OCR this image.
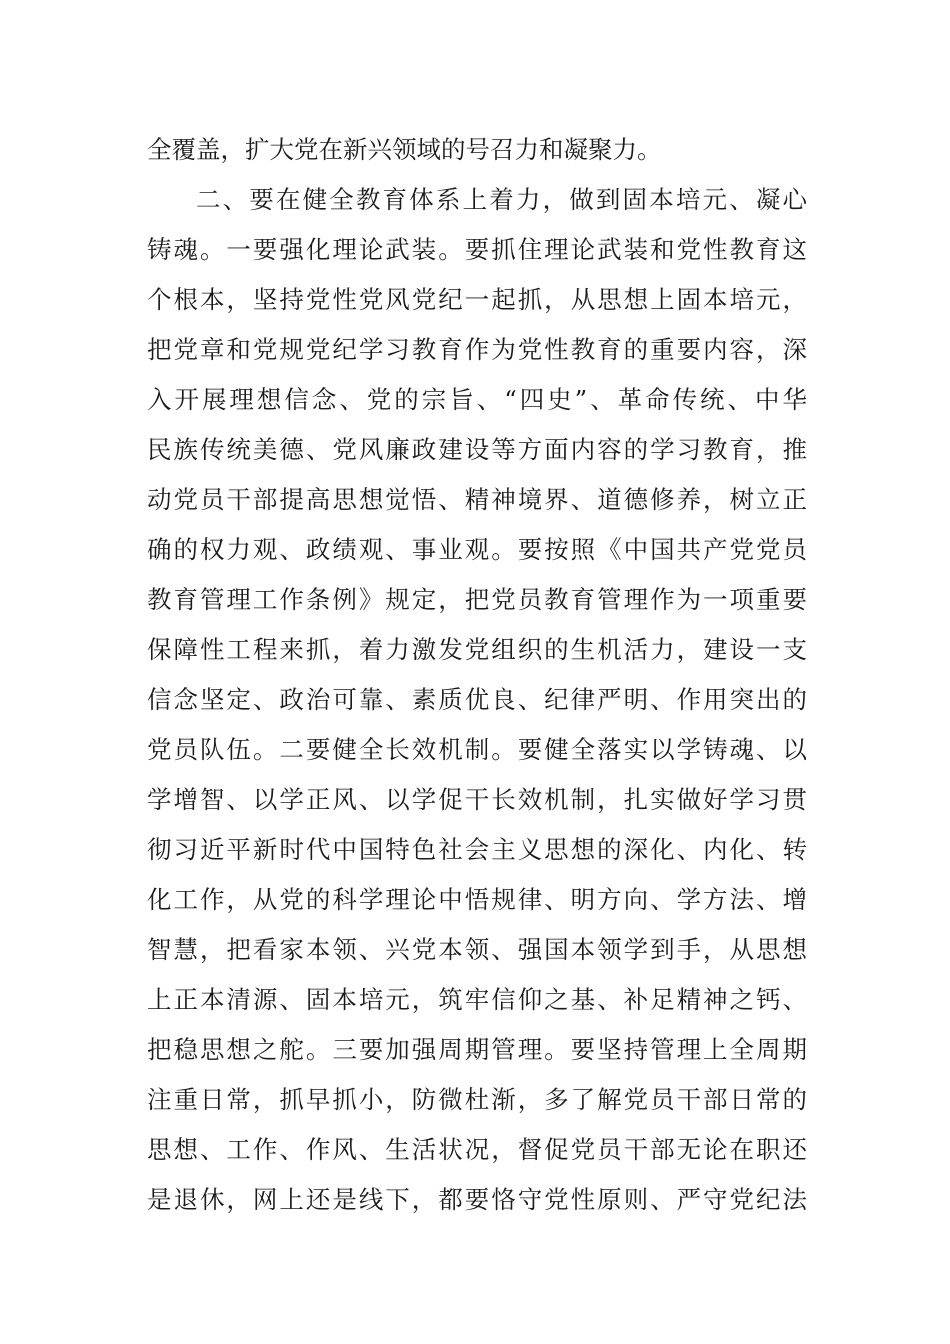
全覆盖，扩大党在新兴领域的号召力和凝聚力。
二、要在健全教育体系上着力，做到固本培元、凝心
铸魂。一要强化理论武装。要抓住理论武装和党性教育这
个根本，坚持党性党风党纪一起抓，从思想上固本培元，
把党章和党规党纪学习教育作为党性教育的重要内容，深
入开展理想信念、党的宗旨、“四史”、革命传统、中华
民族传统美德、党风廉政建设等方面内容的学习教育，推
动党员干部提高思想觉悟、精神境界、道德修养，树立正
确的权力观、政绩观、事业观。要按照《中国共产党党员
教育管理工作条例》规定，把党员教育管理作为一项重要
保障性工程来抓，着力激发党组织的生机活力，建设一支
信念坚定、政治可靠、素质优良、纪律严明、作用突出的
党员队伍。二要健全长效机制。要健全落实以学铸魂、以
学增智、以学正风、以学促干长效机制，扎实做好学习贯
彻习近平新时代中国特色社会主义思想的深化、内化、转
化工作，从党的科学理论中悟规律、明方向、学方法、增
智慧，把看家本领、兴党本领、强国本领学到手，从思想
上正本清源、固本培元，筑牢信仰之基、补足精神之钙、
把稳思想之舵。三要加强周期管理。要坚持管理上全周期
注重日常，抓早抓小，防微杜渐，多了解党员干部日常的
思想、工作、作风、生活状况，督促党员干部无论在职还
是退休，网上还是线下，都要恪守党性原则、严守党纪法
